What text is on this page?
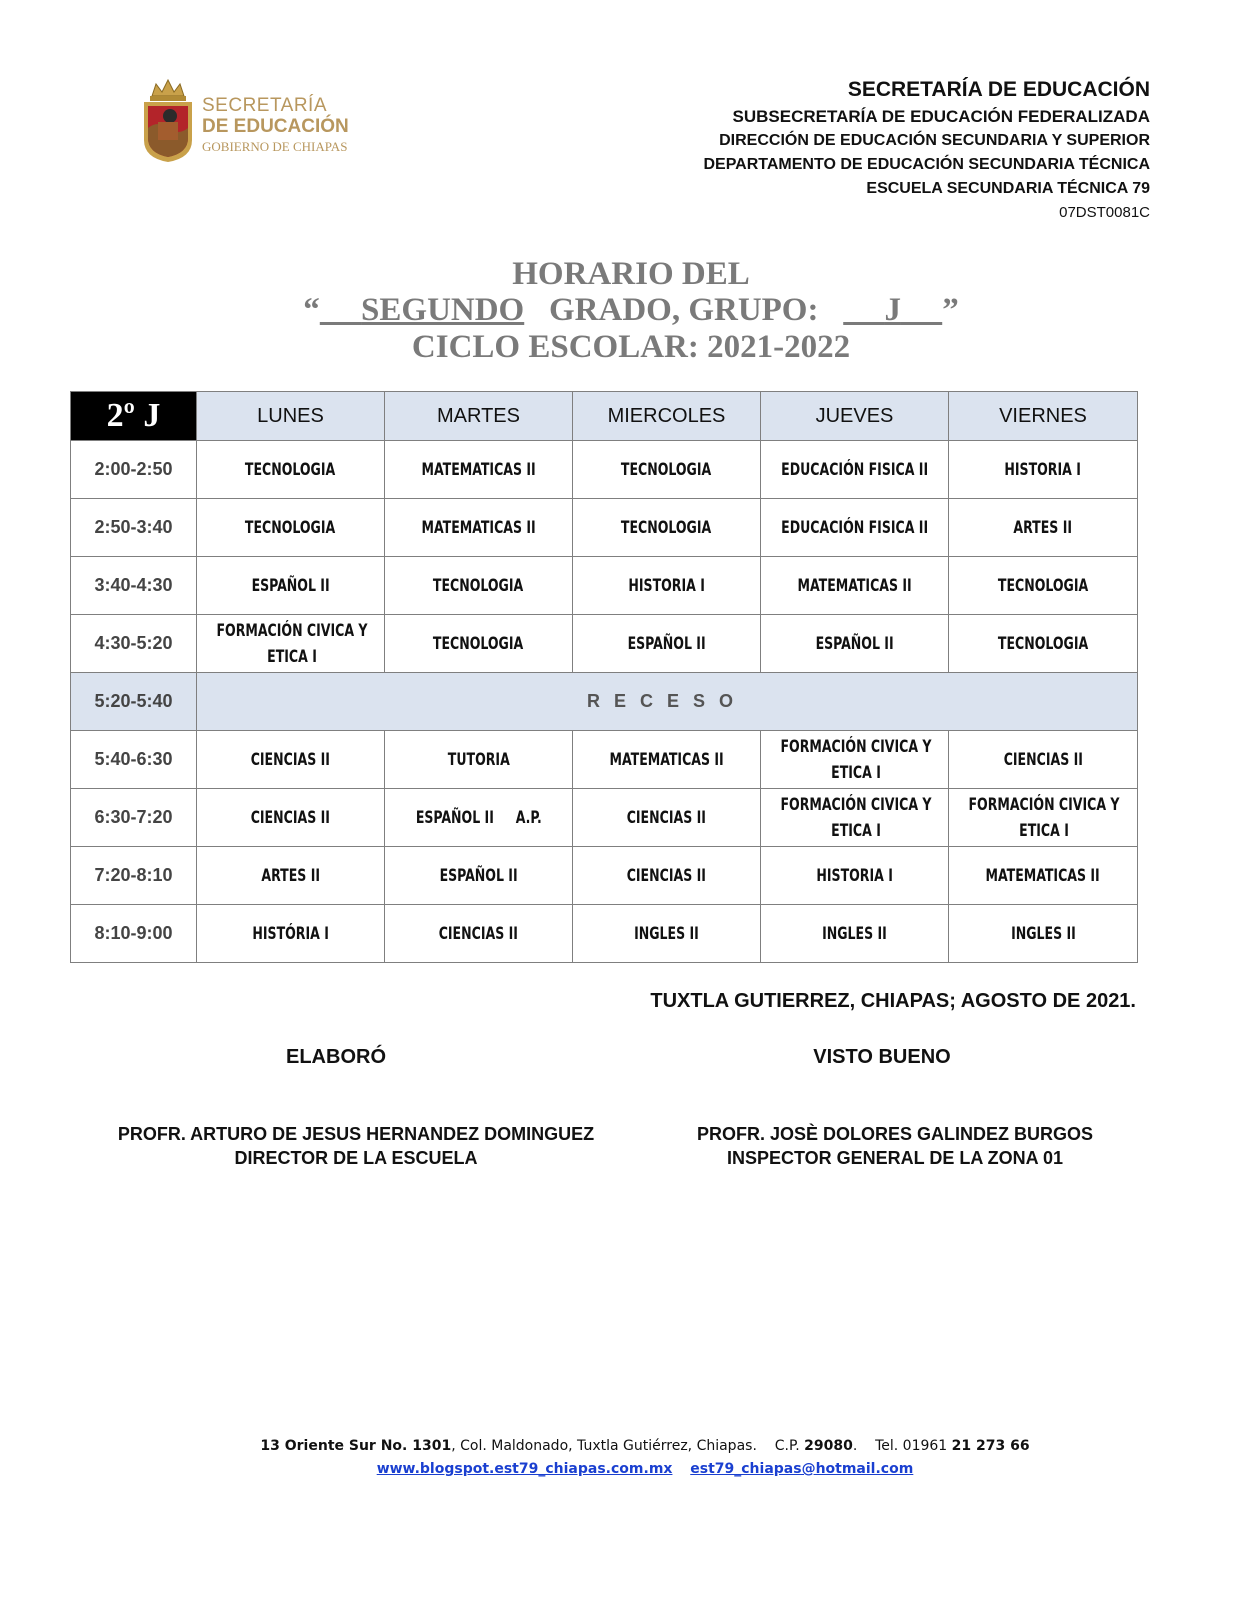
SECRETARÍA
DE EDUCACIÓN
GOBIERNO DE CHIAPAS
SECRETARÍA DE EDUCACIÓN
SUBSECRETARÍA DE EDUCACIÓN FEDERALIZADA
DIRECCIÓN DE EDUCACIÓN SECUNDARIA Y SUPERIOR
DEPARTAMENTO DE EDUCACIÓN SECUNDARIA TÉCNICA
ESCUELA SECUNDARIA TÉCNICA 79
07DST0081C
HORARIO DEL
“ SEGUNDO GRADO, GRUPO: J ”
CICLO ESCOLAR: 2021-2022
2º J	LUNES	MARTES	MIERCOLES	JUEVES	VIERNES
2:00-2:50	TECNOLOGIA	MATEMATICAS II	TECNOLOGIA	EDUCACIÓN FISICA II	HISTORIA I
2:50-3:40	TECNOLOGIA	MATEMATICAS II	TECNOLOGIA	EDUCACIÓN FISICA II	ARTES II
3:40-4:30	ESPAÑOL II	TECNOLOGIA	HISTORIA I	MATEMATICAS II	TECNOLOGIA
4:30-5:20	FORMACIÓN CIVICA Y ETICA I	TECNOLOGIA	ESPAÑOL II	ESPAÑOL II	TECNOLOGIA
5:20-5:40	RECESO				
5:40-6:30	CIENCIAS II	TUTORIA	MATEMATICAS II	FORMACIÓN CIVICA Y ETICA I	CIENCIAS II
6:30-7:20	CIENCIAS II	ESPAÑOL II     A.P.	CIENCIAS II	FORMACIÓN CIVICA Y ETICA I	FORMACIÓN CIVICA Y ETICA I
7:20-8:10	ARTES II	ESPAÑOL II	CIENCIAS II	HISTORIA I	MATEMATICAS II
8:10-9:00	HISTÓRIA I	CIENCIAS II	INGLES II	INGLES II	INGLES II
TUXTLA GUTIERREZ, CHIAPAS; AGOSTO DE 2021.
ELABORÓ	VISTO BUENO
PROFR. ARTURO DE JESUS HERNANDEZ DOMINGUEZ
DIRECTOR DE LA ESCUELA
PROFR. JOSÈ DOLORES GALINDEZ BURGOS
INSPECTOR GENERAL DE LA ZONA 01
13 Oriente Sur No. 1301, Col. Maldonado, Tuxtla Gutiérrez, Chiapas. C.P. 29080.    Tel. 01961 21 273 66
www.blogspot.est79_chiapas.com.mx est79_chiapas@hotmail.com
